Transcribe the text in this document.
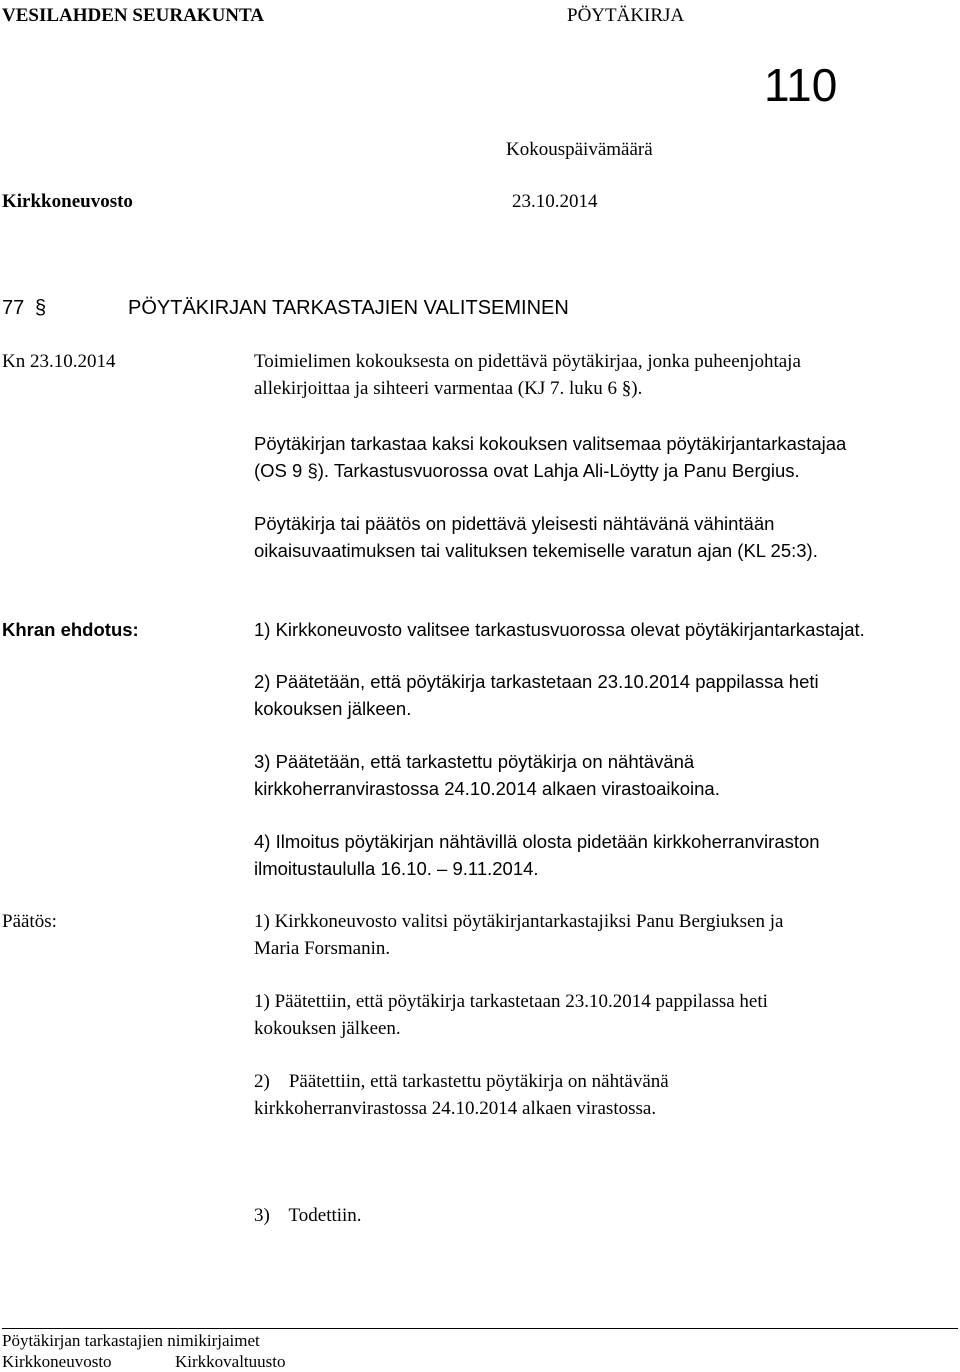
VESILAHDEN SEURAKUNTA	PÖYTÄKIRJA
110
Kokouspäivämäärä
Kirkkoneuvosto	23.10.2014
77 §	PÖYTÄKIRJAN TARKASTAJIEN VALITSEMINEN
Kn 23.10.2014	Toimielimen kokouksesta on pidettävä pöytäkirjaa, jonka puheenjohtaja
allekirjoittaa ja sihteeri varmentaa (KJ 7. luku 6 §).
Pöytäkirjan tarkastaa kaksi kokouksen valitsemaa pöytäkirjantarkastajaa
(OS 9 §). Tarkastusvuorossa ovat Lahja Ali-Löytty ja Panu Bergius.
Pöytäkirja tai päätös on pidettävä yleisesti nähtävänä vähintään
oikaisuvaatimuksen tai valituksen tekemiselle varatun ajan (KL 25:3).
Khran ehdotus:	1) Kirkkoneuvosto valitsee tarkastusvuorossa olevat pöytäkirjantarkastajat.
2) Päätetään, että pöytäkirja tarkastetaan 23.10.2014 pappilassa heti
kokouksen jälkeen.
3) Päätetään, että tarkastettu pöytäkirja on nähtävänä
kirkkoherranvirastossa 24.10.2014 alkaen virastoaikoina.
4) Ilmoitus pöytäkirjan nähtävillä olosta pidetään kirkkoherranviraston
ilmoitustaululla 16.10. – 9.11.2014.
Päätös:	1) Kirkkoneuvosto valitsi pöytäkirjantarkastajiksi Panu Bergiuksen ja
Maria Forsmanin.
1) Päätettiin, että pöytäkirja tarkastetaan 23.10.2014 pappilassa heti
kokouksen jälkeen.
2)    Päätettiin, että tarkastettu pöytäkirja on nähtävänä
kirkkoherranvirastossa 24.10.2014 alkaen virastossa.

3)    Todettiin.

Pöytäkirjan tarkastajien nimikirjaimet
Kirkkoneuvosto	Kirkkovaltuusto
